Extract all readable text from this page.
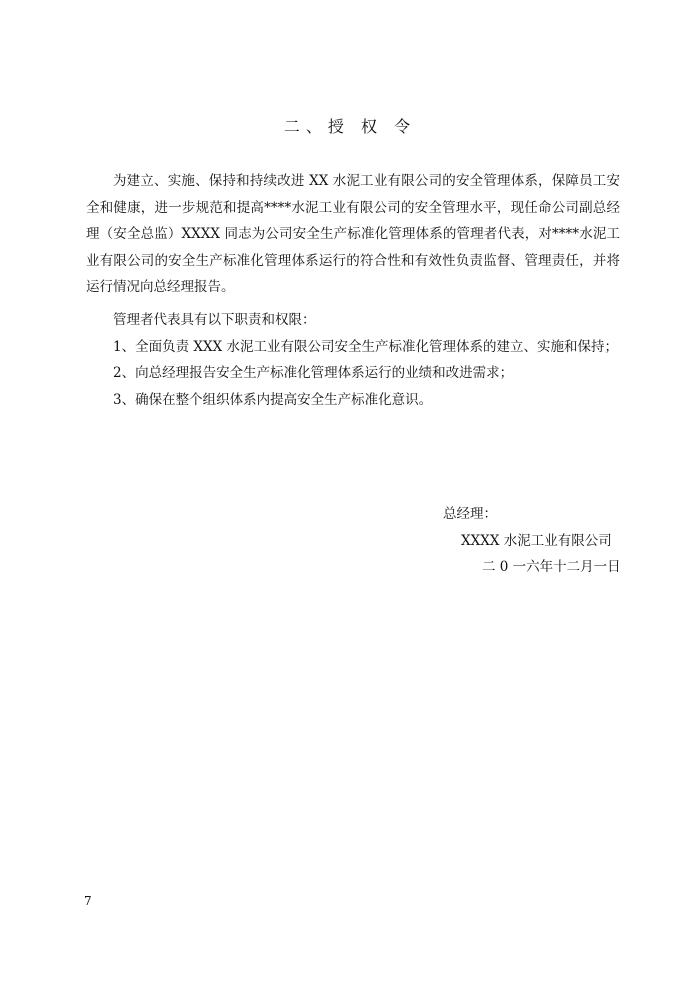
二、授 权 令

为建立、实施、保持和持续改进 XX 水泥工业有限公司的安全管理体系，保障员工安全和健康，进一步规范和提高****水泥工业有限公司的安全管理水平，现任命公司副总经理（安全总监）XXXX 同志为公司安全生产标准化管理体系的管理者代表，对****水泥工业有限公司的安全生产标准化管理体系运行的符合性和有效性负责监督、管理责任，并将运行情况向总经理报告。

管理者代表具有以下职责和权限：
1、全面负责 XXX 水泥工业有限公司安全生产标准化管理体系的建立、实施和保持；
2、向总经理报告安全生产标准化管理体系运行的业绩和改进需求；
3、确保在整个组织体系内提高安全生产标准化意识。
总经理：
XXXX 水泥工业有限公司
二 0 一六年十二月一日
7
